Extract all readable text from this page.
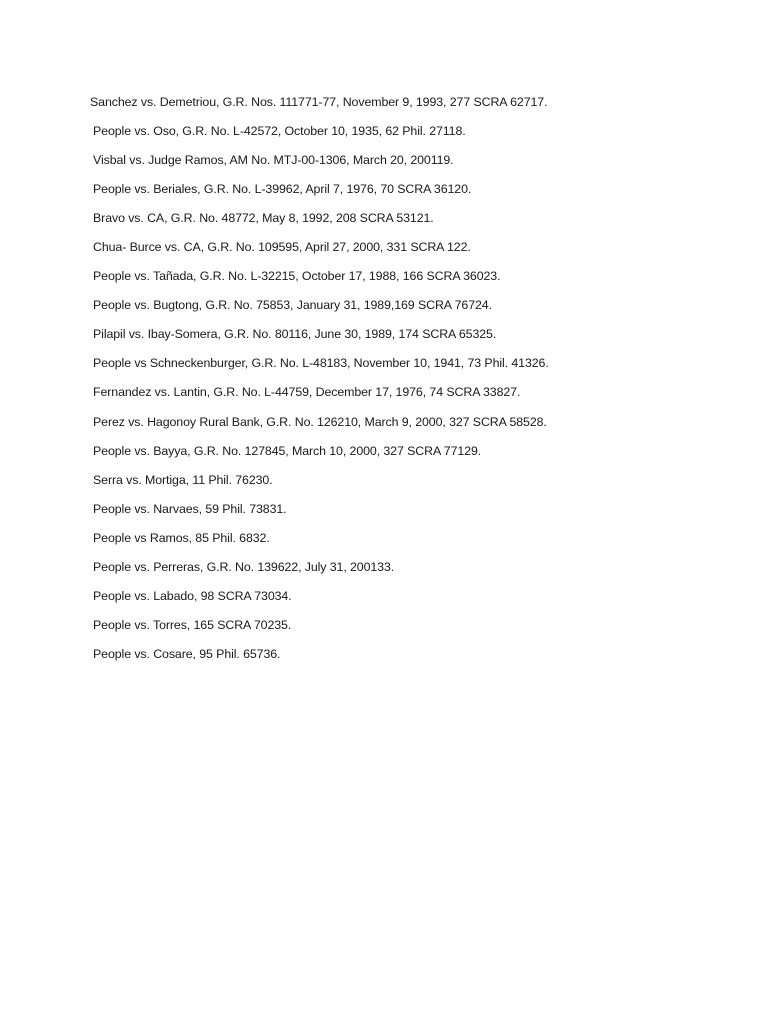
Sanchez vs. Demetriou, G.R. Nos. 111771-77, November 9, 1993, 277 SCRA 62717.
People vs. Oso, G.R. No. L-42572, October 10, 1935, 62 Phil. 27118.
Visbal vs. Judge Ramos, AM No. MTJ-00-1306, March 20, 200119.
People vs. Beriales, G.R. No. L-39962, April 7, 1976, 70 SCRA 36120.
Bravo vs. CA, G.R. No. 48772, May 8, 1992, 208 SCRA 53121.
Chua- Burce vs. CA, G.R. No. 109595, April 27, 2000, 331 SCRA 122.
People vs. Tañada, G.R. No. L-32215, October 17, 1988, 166 SCRA 36023.
People vs. Bugtong, G.R. No. 75853, January 31, 1989,169 SCRA 76724.
Pilapil vs. Ibay-Somera, G.R. No. 80116, June 30, 1989, 174 SCRA 65325.
People vs Schneckenburger, G.R. No. L-48183, November 10, 1941, 73 Phil. 41326.
Fernandez vs. Lantin, G.R. No. L-44759, December 17, 1976, 74 SCRA 33827.
Perez vs. Hagonoy Rural Bank, G.R. No. 126210, March 9, 2000, 327 SCRA 58528.
People vs. Bayya, G.R. No. 127845, March 10, 2000, 327 SCRA 77129.
Serra vs. Mortiga, 11 Phil. 76230.
People vs. Narvaes, 59 Phil. 73831.
People vs Ramos, 85 Phil. 6832.
People vs. Perreras, G.R. No. 139622, July 31, 200133.
People vs. Labado, 98 SCRA 73034.
People vs. Torres, 165 SCRA 70235.
People vs. Cosare, 95 Phil. 65736.
